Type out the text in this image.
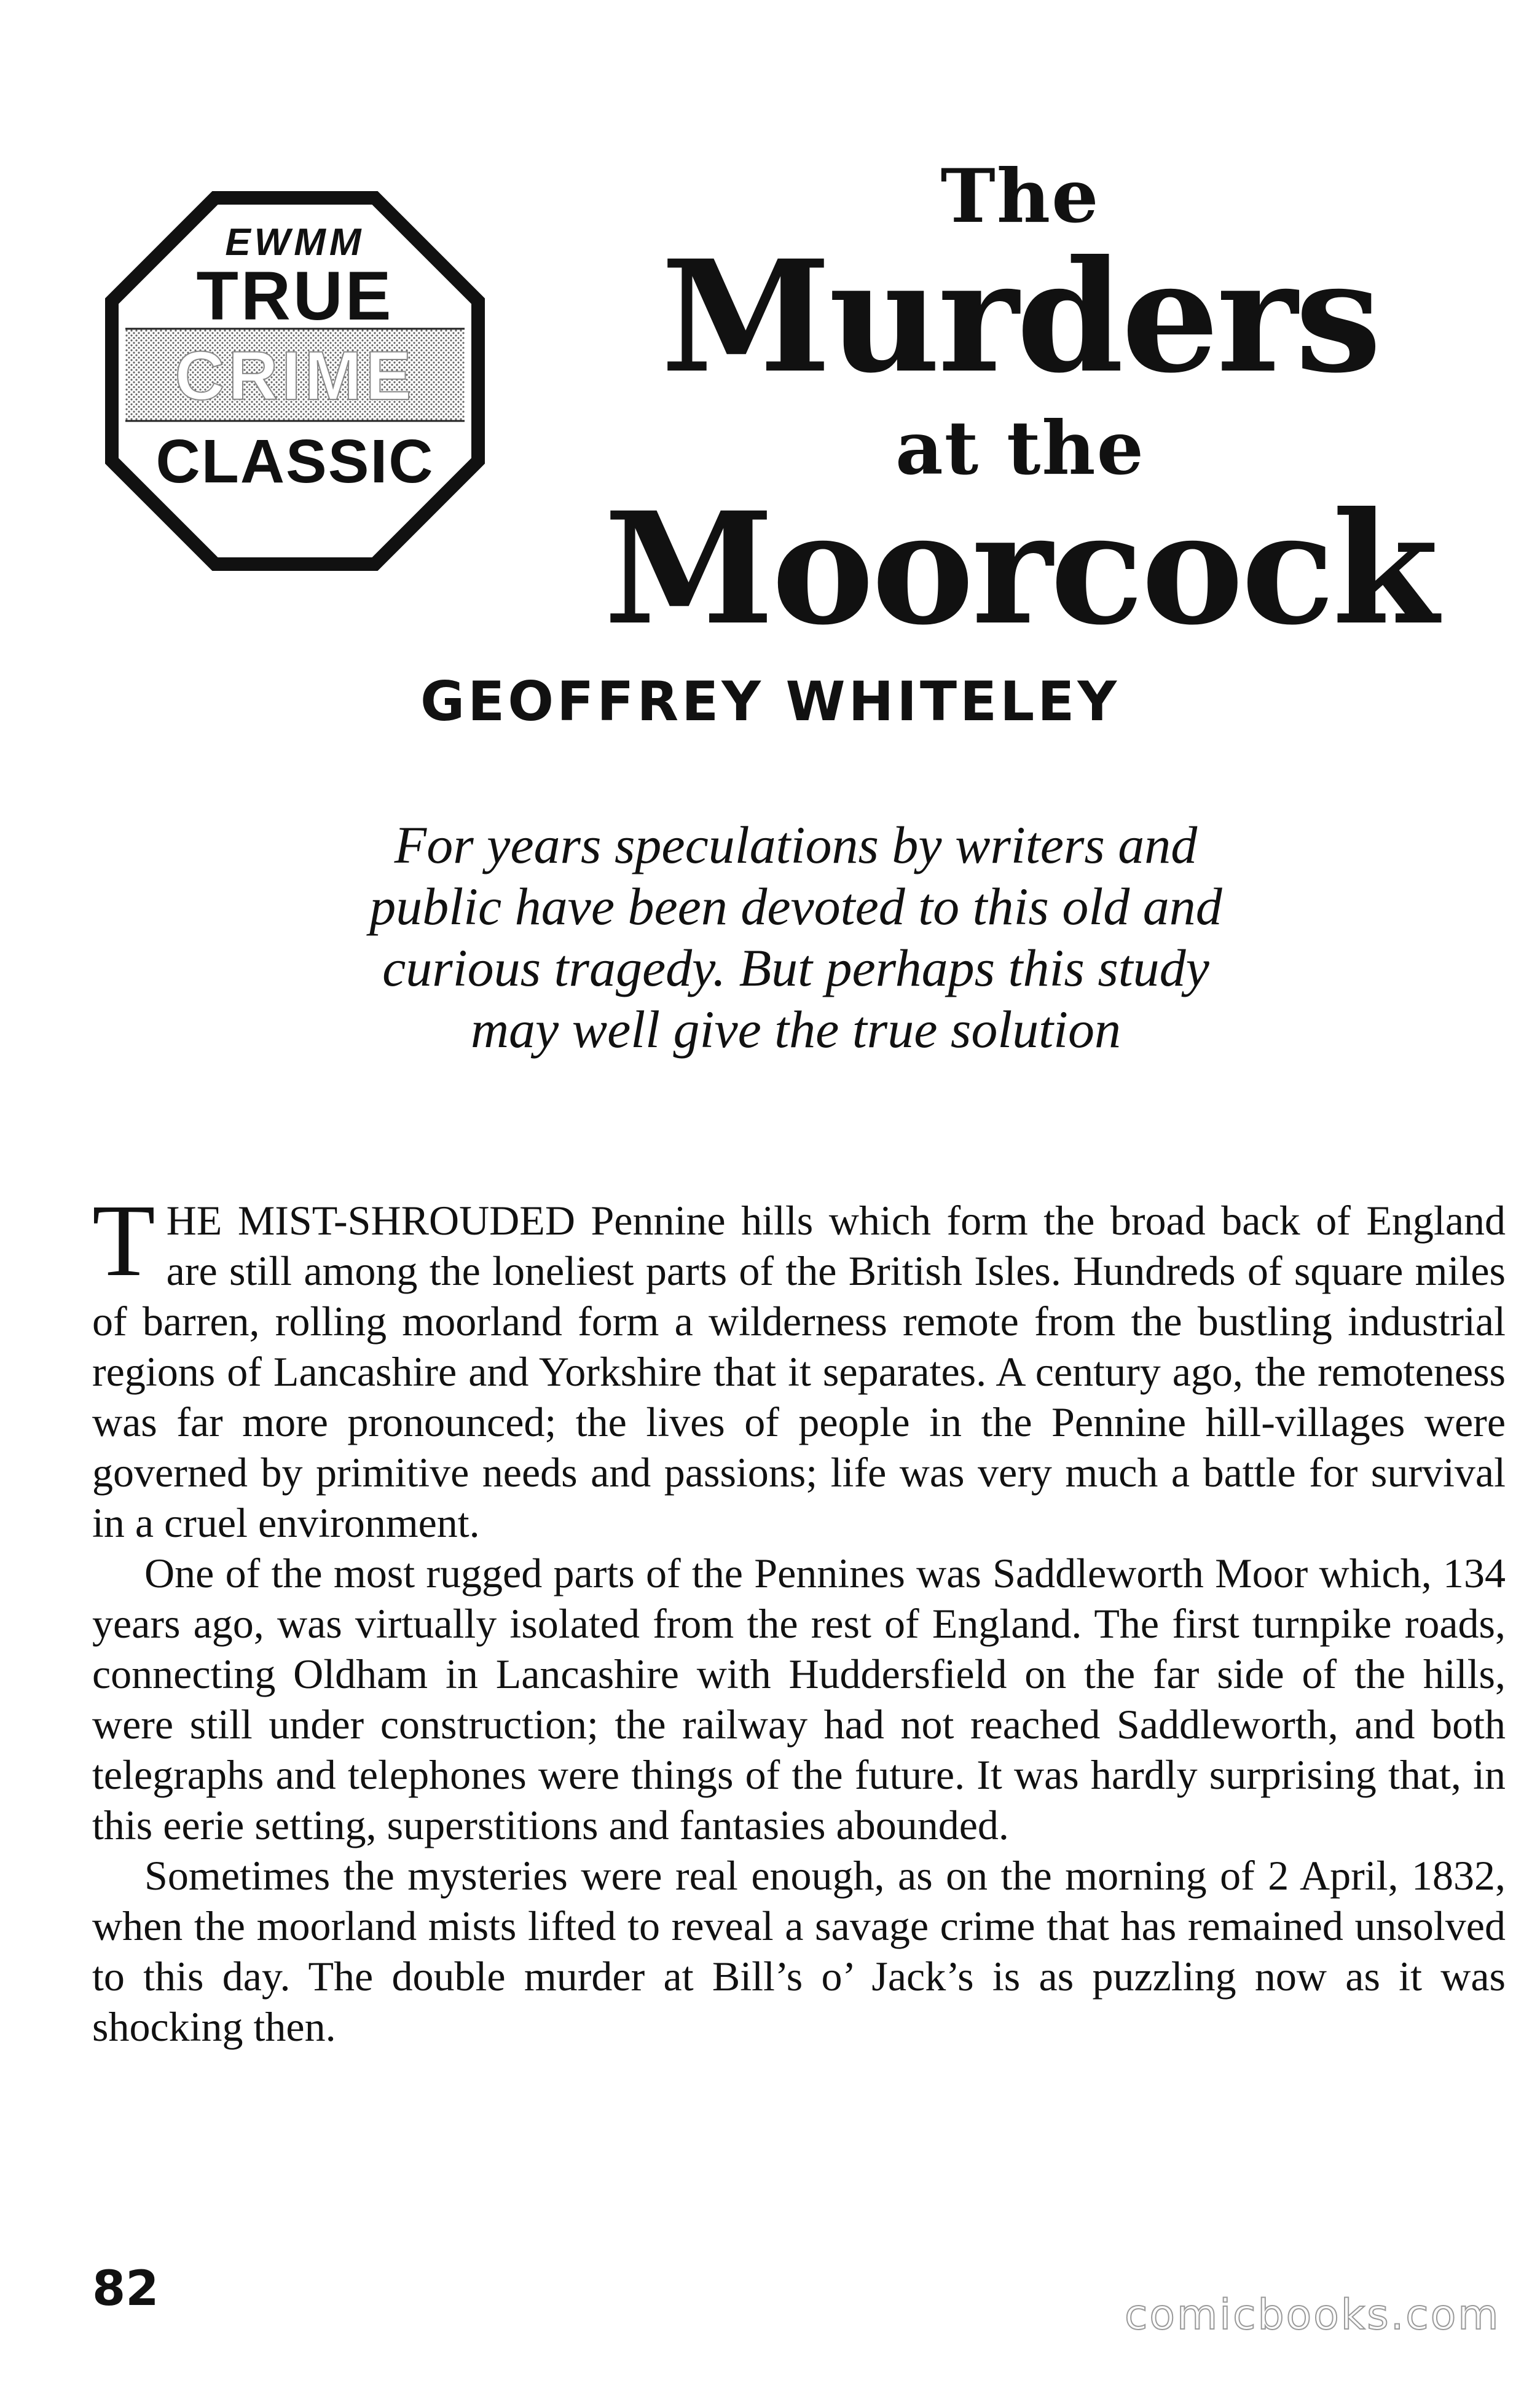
EWMM
TRUE
CRIME
CLASSIC
The
Murders
at the
Moorcock
GEOFFREY WHITELEY
For years speculations by writers and public have been devoted to this old and curious tragedy. But perhaps this study may well give the true solution

THE MIST-SHROUDED Pennine hills which form the broad back of England are still among the loneliest parts of the British Isles. Hundreds of square miles of barren, rolling moorland form a wilderness remote from the bustling industrial regions of Lancashire and Yorkshire that it separates. A century ago, the remoteness was far more pronounced; the lives of people in the Pennine hill-villages were governed by primitive needs and passions; life was very much a battle for survival in a cruel environment.

One of the most rugged parts of the Pennines was Saddleworth Moor which, 134 years ago, was virtually isolated from the rest of England. The first turnpike roads, connecting Oldham in Lancashire with Huddersfield on the far side of the hills, were still under construction; the railway had not reached Saddleworth, and both telegraphs and telephones were things of the future. It was hardly surprising that, in this eerie setting, superstitions and fantasies abounded.

Sometimes the mysteries were real enough, as on the morning of 2 April, 1832, when the moorland mists lifted to reveal a savage crime that has remained unsolved to this day. The double murder at Bill’s o’ Jack’s is as puzzling now as it was shocking then.

82	comicbooks.com
